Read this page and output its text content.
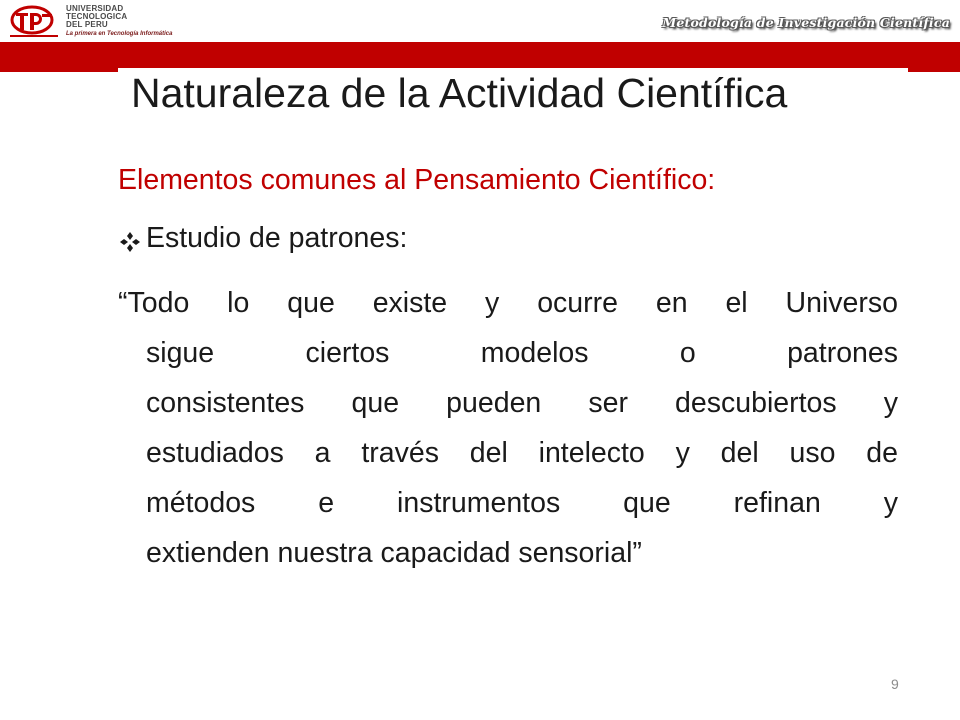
UNIVERSIDAD
TECNOLOGICA
DEL PERU
La primera en Tecnología Informática
Metodología de Investigación Científica
Naturaleza de la Actividad Científica
Elementos comunes al Pensamiento Científico:
Estudio de patrones:
“Todo lo que existe y ocurre en el Universo
sigue ciertos modelos o patrones
consistentes que pueden ser descubiertos y
estudiados a través del intelecto y del uso de
métodos e instrumentos que refinan y
extienden nuestra capacidad sensorial”
9
